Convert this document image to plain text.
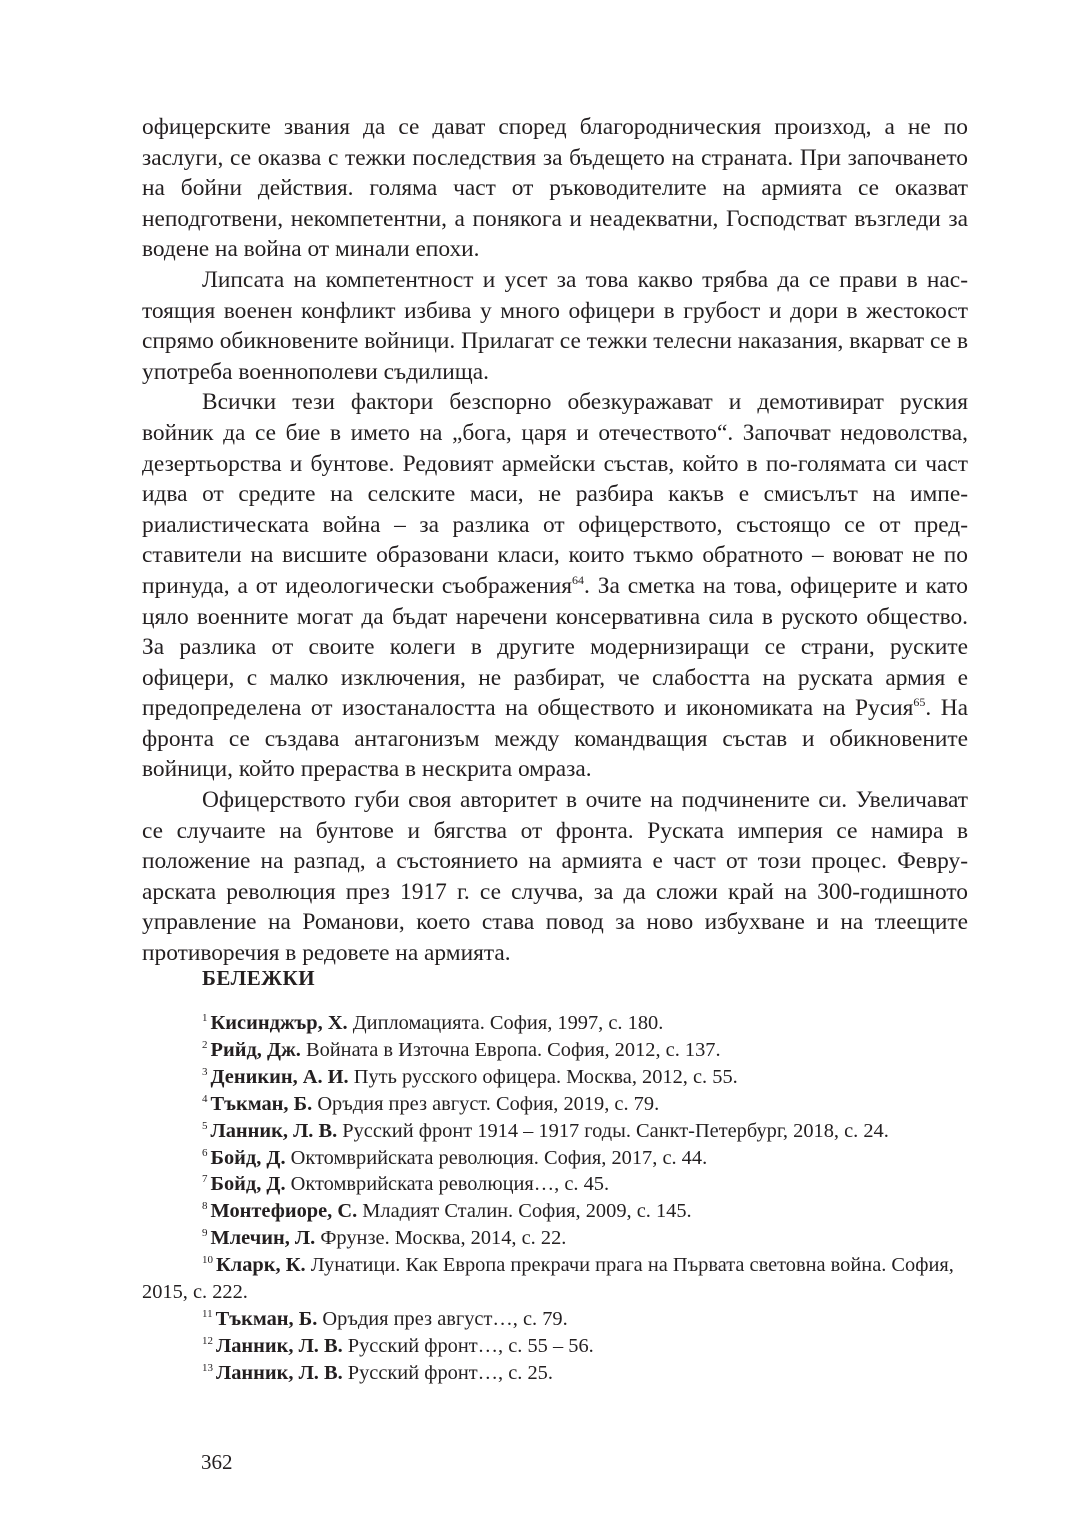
офицерските звания да се дават според благородническия произход, а не по заслуги, се оказва с тежки последствия за бъдещето на страната. При започването на бойни действия. голяма част от ръководителите на армията се оказват неподготвени, некомпетентни, а понякога и неадекватни, Господстват възгледи за водене на война от минали епохи.

Липсата на компетентност и усет за това какво трябва да се прави в настоящия военен конфликт избива у много офицери в грубост и дори в жестокост спрямо обикновените войници. Прилагат се тежки телесни наказания, вкарват се в употреба военнополеви съдилища.

Всички тези фактори безспорно обезкуражават и демотивират руския войник да се бие в името на „бога, царя и отечеството“. Започват недоволства, дезертьорства и бунтове. Редовият армейски състав, който в по-голямата си част идва от средите на селските маси, не разбира какъв е смисълът на империалистическата война – за разлика от офицерството, състоящо се от представители на висшите образовани класи, които тъкмо обратното – воюват не по принуда, а от идеологически съображения$^{64}$. За сметка на това, офицерите и като цяло военните могат да бъдат наречени консервативна сила в руското общество. За разлика от своите колеги в другите модернизиращи се страни, руските офицери, с малко изключения, не разбират, че слабостта на руската армия е предопределена от изостаналостта на обществото и икономиката на Русия$^{65}$. На фронта се създава антагонизъм между командващия състав и обикновените войници, който прераства в нескрита омраза.

Офицерството губи своя авторитет в очите на подчинените си. Увеличават се случаите на бунтове и бягства от фронта. Руската империя се намира в положение на разпад, а състоянието на армията е част от този процес. Февруарската революция през 1917 г. се случва, за да сложи край на 300-годишното управление на Романови, което става повод за ново избухване и на тлеещите противоречия в редовете на армията.

БЕЛЕЖКИ
$^1$ Кисинджър, Х. Дипломацията. София, 1997, с. 180.
$^2$ Рийд, Дж. Войната в Източна Европа. София, 2012, с. 137.
$^3$ Деникин, А. И. Путь русского офицера. Москва, 2012, с. 55.
$^4$ Тъкман, Б. Оръдия през август. София, 2019, с. 79.
$^5$ Ланник, Л. В. Русский фронт 1914 – 1917 годы. Санкт-Петербург, 2018, с. 24.
$^6$ Бойд, Д. Октомврийската революция. София, 2017, с. 44.
$^7$ Бойд, Д. Октомврийската революция…, с. 45.
$^8$ Монтефиоре, С. Младият Сталин. София, 2009, с. 145.
$^9$ Млечин, Л. Фрунзе. Москва, 2014, с. 22.
$^{10}$ Кларк, К. Лунатици. Как Европа прекрачи прага на Първата световна война. София, 2015, с. 222.
$^{11}$ Тъкман, Б. Оръдия през август…, с. 79.
$^{12}$ Ланник, Л. В. Русский фронт…, с. 55 – 56.
$^{13}$ Ланник, Л. В. Русский фронт…, с. 25.

362
